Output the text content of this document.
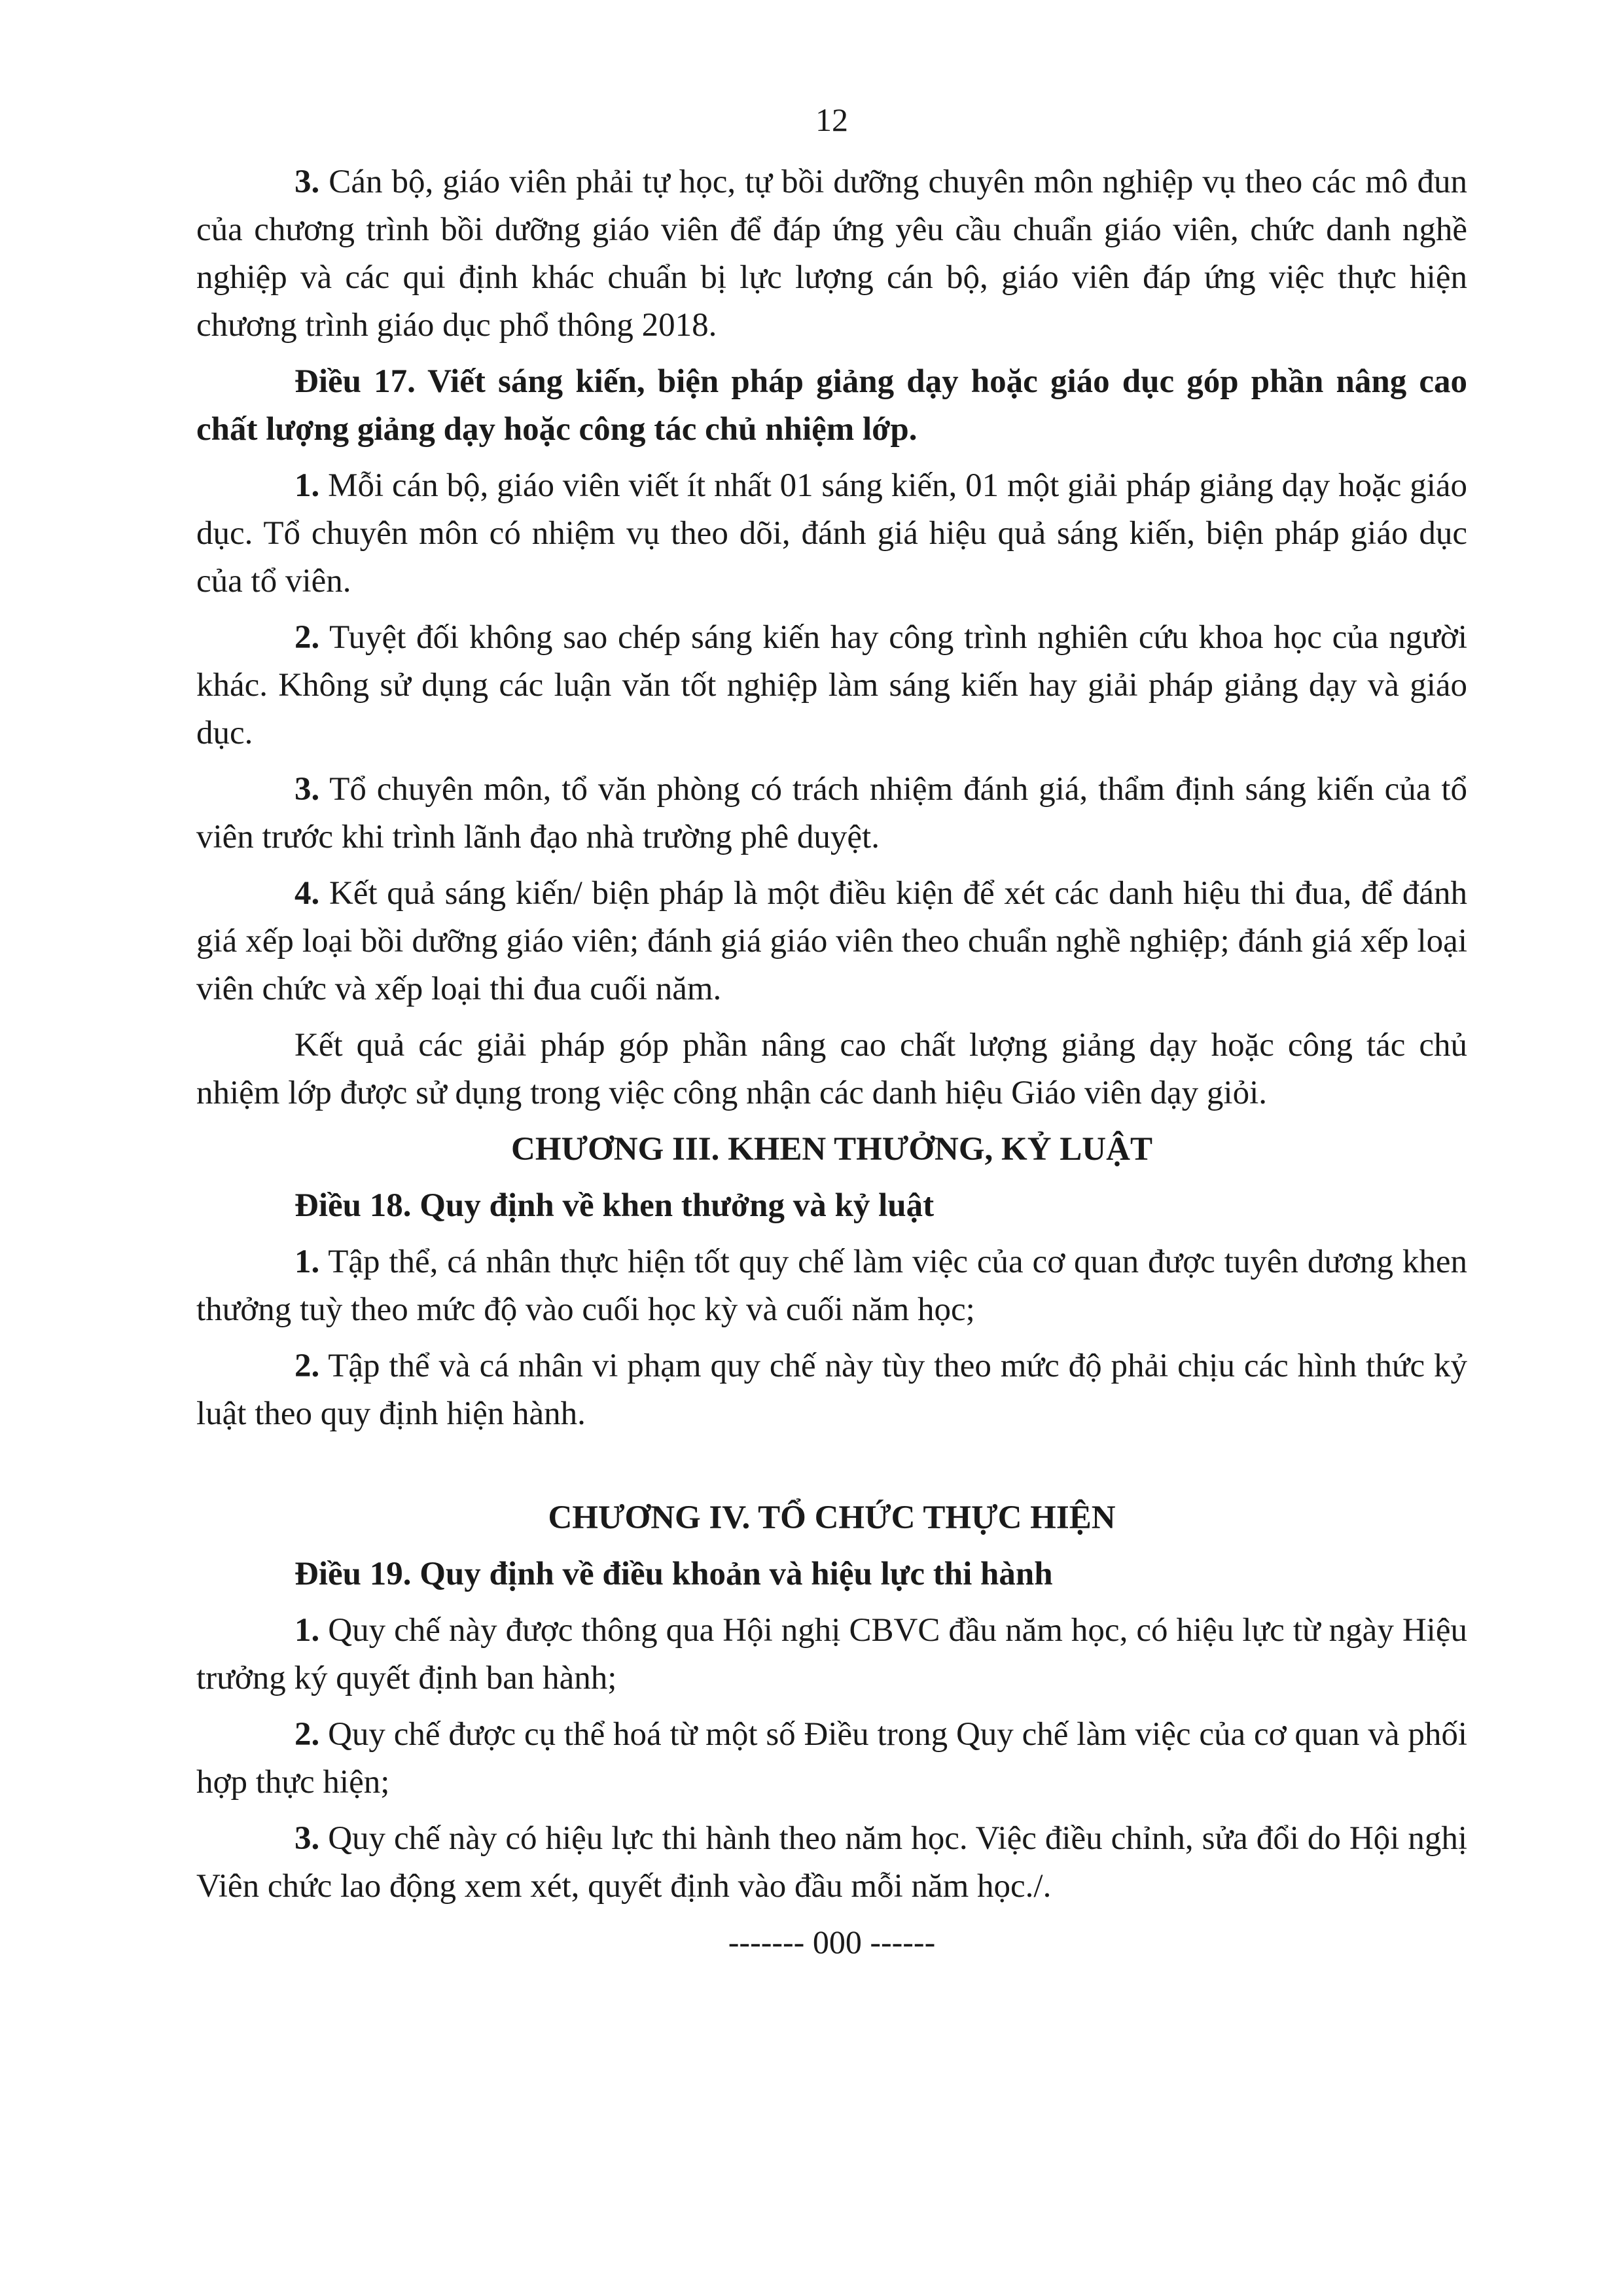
12
3. Cán bộ, giáo viên phải tự học, tự bồi dưỡng chuyên môn nghiệp vụ theo các mô đun của chương trình bồi dưỡng giáo viên để đáp ứng yêu cầu chuẩn giáo viên, chức danh nghề nghiệp và các qui định khác chuẩn bị lực lượng cán bộ, giáo viên đáp ứng việc thực hiện chương trình giáo dục phổ thông 2018.
Điều 17. Viết sáng kiến, biện pháp giảng dạy hoặc giáo dục góp phần nâng cao chất lượng giảng dạy hoặc công tác chủ nhiệm lớp.
1. Mỗi cán bộ, giáo viên viết ít nhất 01 sáng kiến, 01 một giải pháp giảng dạy hoặc giáo dục. Tổ chuyên môn có nhiệm vụ theo dõi, đánh giá hiệu quả sáng kiến, biện pháp giáo dục của tổ viên.
2. Tuyệt đối không sao chép sáng kiến hay công trình nghiên cứu khoa học của người khác. Không sử dụng các luận văn tốt nghiệp làm sáng kiến hay giải pháp giảng dạy và giáo dục.
3. Tổ chuyên môn, tổ văn phòng có trách nhiệm đánh giá, thẩm định sáng kiến của tổ viên trước khi trình lãnh đạo nhà trường phê duyệt.
4. Kết quả sáng kiến/ biện pháp là một điều kiện để xét các danh hiệu thi đua, để đánh giá xếp loại bồi dưỡng giáo viên; đánh giá giáo viên theo chuẩn nghề nghiệp; đánh giá xếp loại viên chức và xếp loại thi đua cuối năm.
Kết quả các giải pháp góp phần nâng cao chất lượng giảng dạy hoặc công tác chủ nhiệm lớp được sử dụng trong việc công nhận các danh hiệu Giáo viên dạy giỏi.
CHƯƠNG III. KHEN THƯỞNG, KỶ LUẬT
Điều 18. Quy định về khen thưởng và kỷ luật
1. Tập thể, cá nhân thực hiện tốt quy chế làm việc của cơ quan được tuyên dương khen thưởng tuỳ theo mức độ vào cuối học kỳ và cuối năm học;
2. Tập thể và cá nhân vi phạm quy chế này tùy theo mức độ phải chịu các hình thức kỷ luật theo quy định hiện hành.
CHƯƠNG IV. TỔ CHỨC THỰC HIỆN
Điều 19. Quy định về điều khoản và hiệu lực thi hành
1. Quy chế này được thông qua Hội nghị CBVC đầu năm học, có hiệu lực từ ngày Hiệu trưởng ký quyết định ban hành;
2. Quy chế được cụ thể hoá từ một số Điều trong Quy chế làm việc của cơ quan và phối hợp thực hiện;
3. Quy chế này có hiệu lực thi hành theo năm học. Việc điều chỉnh, sửa đổi do Hội nghị Viên chức lao động xem xét, quyết định vào đầu mỗi năm học./.
------- 000 ------
